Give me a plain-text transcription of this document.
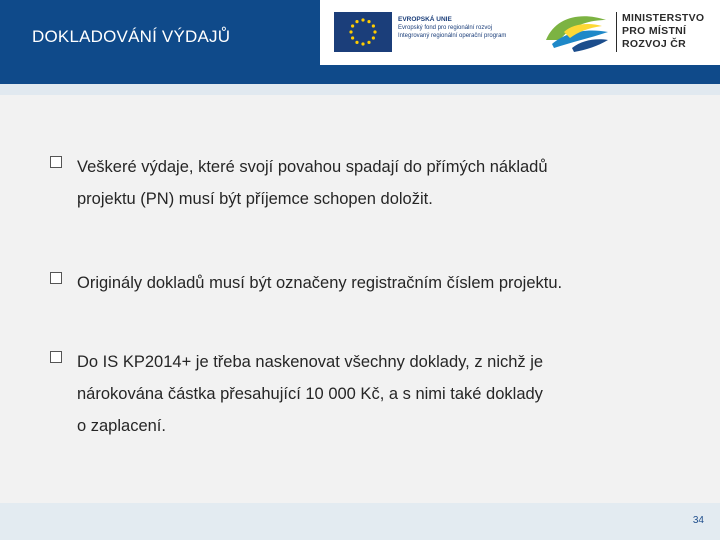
DOKLADOVÁNÍ VÝDAJŮ
EVROPSKÁ UNIE
Evropský fond pro regionální rozvoj
Integrovaný regionální operační program
MINISTERSTVO
PRO MÍSTNÍ
ROZVOJ ČR
Veškeré výdaje, které svojí povahou spadají do přímých nákladů
projektu (PN) musí být příjemce schopen doložit.
Originály dokladů musí být označeny registračním číslem projektu.
Do IS KP2014+ je třeba naskenovat všechny doklady, z nichž je
nárokována částka přesahující 10 000 Kč, a s nimi také doklady
o zaplacení.
34
